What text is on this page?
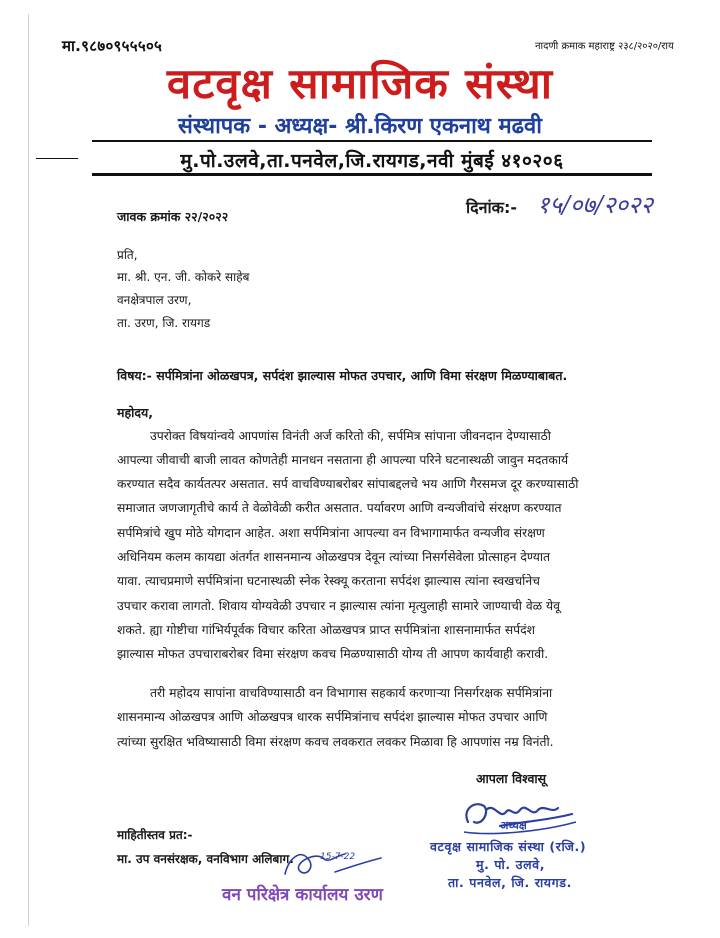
मा.९८७०९५५५०५	नादणी क्रमाक महाराष्ट्र २३८/२०२०/राय
वटवृक्ष सामाजिक संस्था
संस्थापक - अध्यक्ष- श्री.किरण एकनाथ मढवी
मु.पो.उलवे,ता.पनवेल,जि.रायगड,नवी मुंबई ४१०२०६
जावक क्रमांक २२/२०२२	दिनांक:- १५/०७/२०२२
प्रति,
मा. श्री. एन. जी. कोकरे साहेब
वनक्षेत्रपाल उरण,
ता. उरण, जि. रायगड
विषय:- सर्पमित्रांना ओळखपत्र, सर्पदंश झाल्यास मोफत उपचार, आणि विमा संरक्षण मिळण्याबाबत.
महोदय,
उपरोक्त विषयांन्वये आपणांस विनंती अर्ज करितो की, सर्पमित्र सांपाना जीवनदान देण्यासाठी
आपल्या जीवाची बाजी लावत कोणतेही मानधन नसताना ही आपल्या परिने घटनास्थळी जावुन मदतकार्य
करण्यात सदैव कार्यतत्पर असतात. सर्प वाचविण्याबरोबर सांपाबद्दलचे भय आणि गैरसमज दूर करण्यासाठी
समाजात जणजागृतीचे कार्य ते वेळोवेळी करीत असतात. पर्यावरण आणि वन्यजीवांचे संरक्षण करण्यात
सर्पमित्रांचे खुप मोठे योगदान आहेत. अशा सर्पमित्रांना आपल्या वन विभागामार्फत वन्यजीव संरक्षण
अधिनियम कलम कायद्या अंतर्गत शासनमान्य ओळखपत्र देवून त्यांच्या निसर्गसेवेला प्रोत्साहन देण्यात
यावा. त्याचप्रमाणे सर्पमित्रांना घटनास्थळी स्नेक रेस्क्यू करताना सर्पदंश झाल्यास त्यांना स्वखर्चानेच
उपचार करावा लागतो. शिवाय योग्यवेळी उपचार न झाल्यास त्यांना मृत्युलाही सामारे जाण्याची वेळ येवू
शकते. ह्या गोष्टीचा गांभिर्यपूर्वक विचार करिता ओळखपत्र प्राप्त सर्पमित्रांना शासनामार्फत सर्पदंश
झाल्यास मोफत उपचाराबरोबर विमा संरक्षण कवच मिळण्यासाठी योग्य ती आपण कार्यवाही करावी.
तरी महोदय सापांना वाचविण्यासाठी वन विभागास सहकार्य करणाऱ्या निसर्गरक्षक सर्पमित्रांना
शासनमान्य ओळखपत्र आणि ओळखपत्र धारक सर्पमित्रांनाच सर्पदंश झाल्यास मोफत उपचार आणि
त्यांच्या सुरक्षित भविष्यासाठी विमा संरक्षण कवच लवकरात लवकर मिळावा हि आपणांस नम्र विनंती.
आपला विश्वासू
अध्यक्ष
वटवृक्ष सामाजिक संस्था (रजि.)
मु. पो. उलवे,
ता. पनवेल, जि. रायगड.
माहितीस्तव प्रत:-
मा. उप वनसंरक्षक, वनविभाग अलिबाग.	15-7-22
वन परिक्षेत्र कार्यालय उरण
